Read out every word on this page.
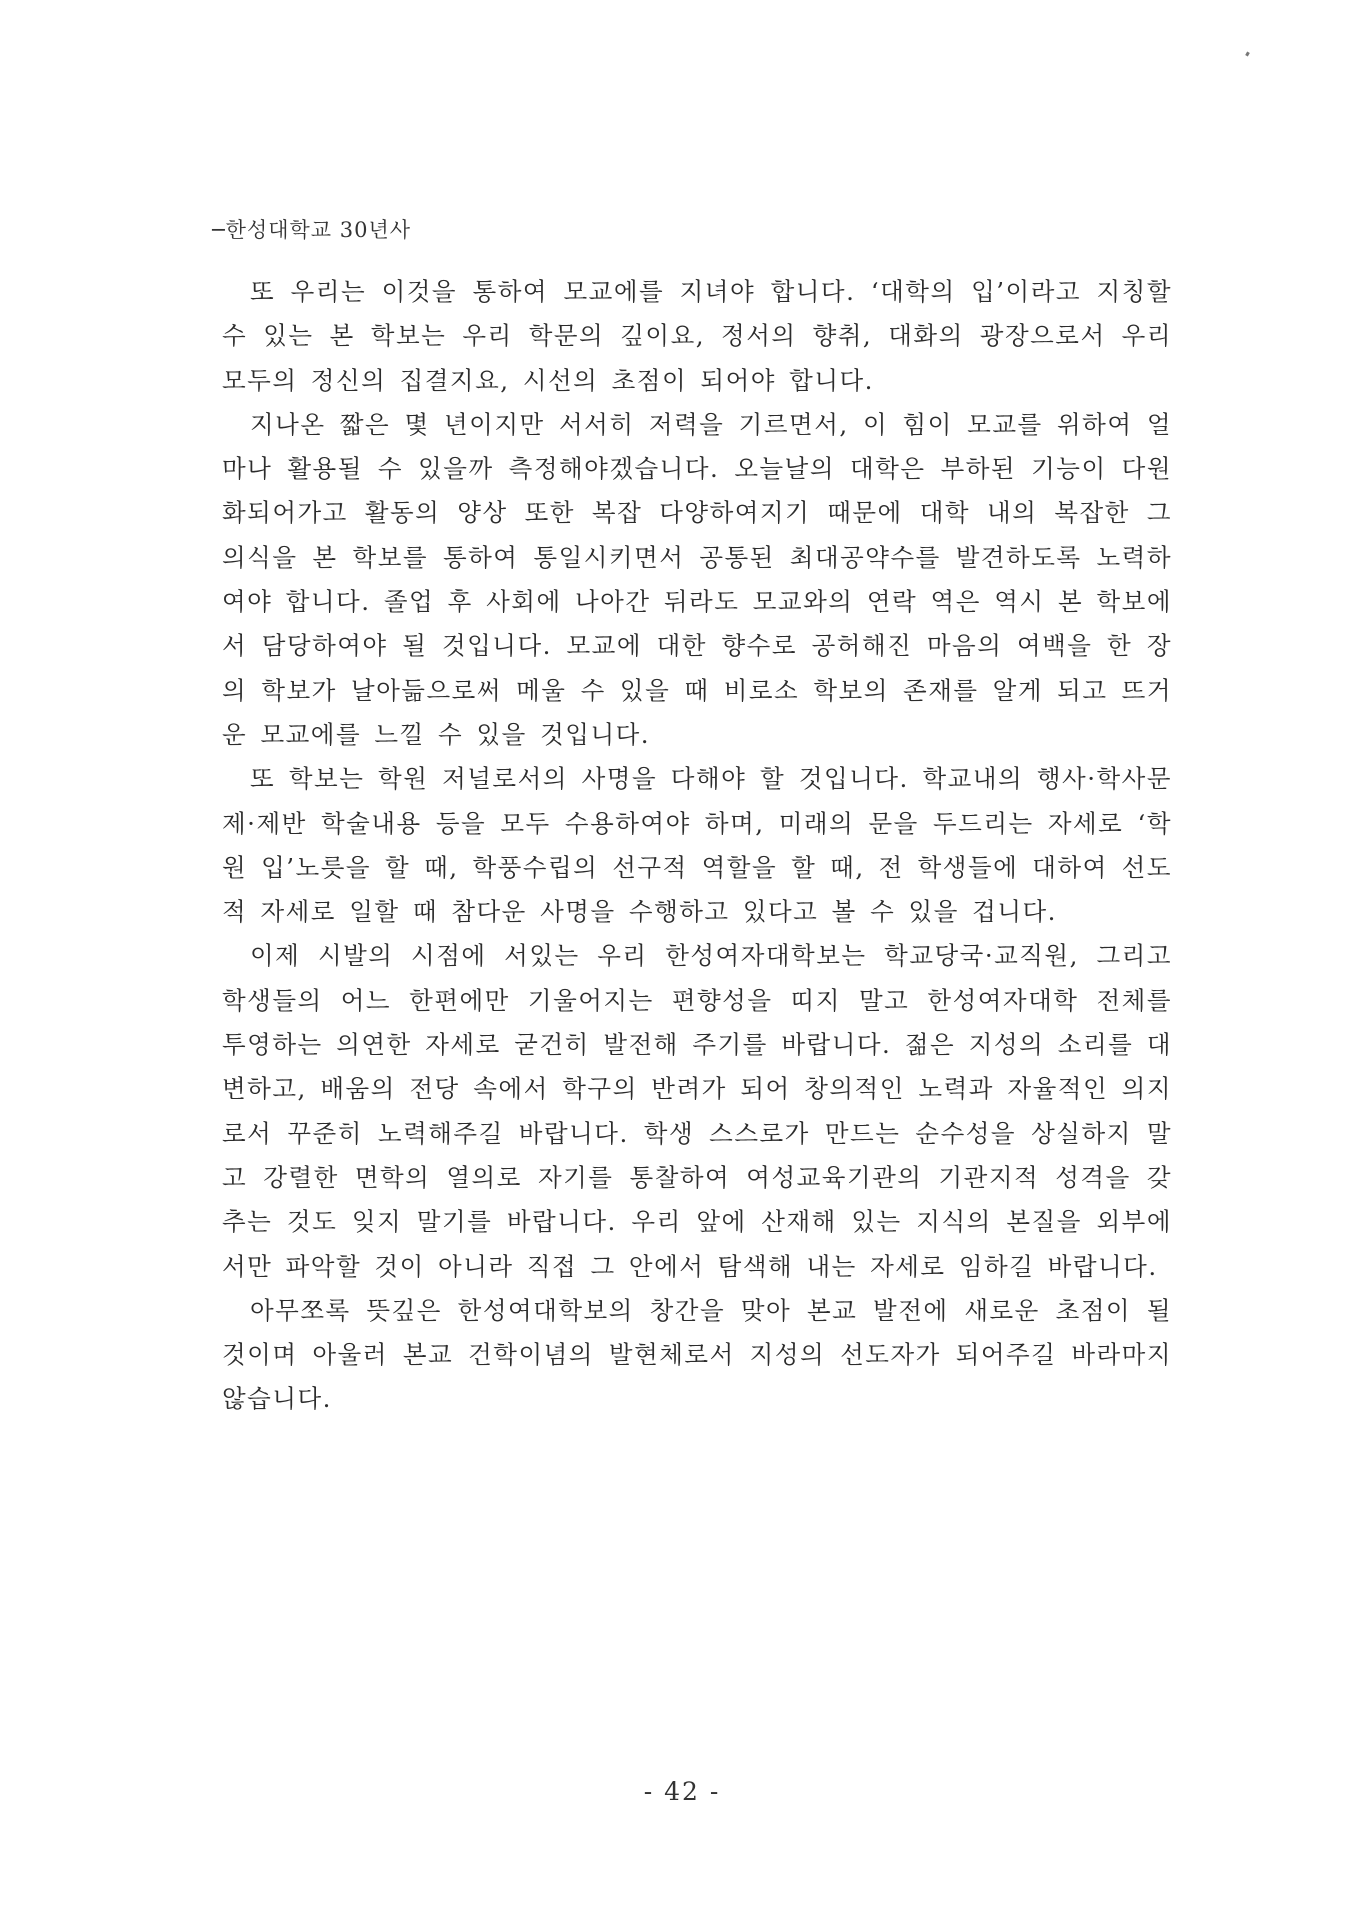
─한성대학교 30년사

또 우리는 이것을 통하여 모교에를 지녀야 합니다. ‘대학의 입’이라고 지칭할 수 있는 본 학보는 우리 학문의 깊이요, 정서의 향취, 대화의 광장으로서 우리 모두의 정신의 집결지요, 시선의 초점이 되어야 합니다.

지나온 짧은 몇 년이지만 서서히 저력을 기르면서, 이 힘이 모교를 위하여 얼마나 활용될 수 있을까 측정해야겠습니다. 오늘날의 대학은 부하된 기능이 다원화되어가고 활동의 양상 또한 복잡 다양하여지기 때문에 대학 내의 복잡한 그 의식을 본 학보를 통하여 통일시키면서 공통된 최대공약수를 발견하도록 노력하여야 합니다. 졸업 후 사회에 나아간 뒤라도 모교와의 연락 역은 역시 본 학보에서 담당하여야 될 것입니다. 모교에 대한 향수로 공허해진 마음의 여백을 한 장의 학보가 날아듦으로써 메울 수 있을 때 비로소 학보의 존재를 알게 되고 뜨거운 모교에를 느낄 수 있을 것입니다.

또 학보는 학원 저널로서의 사명을 다해야 할 것입니다. 학교내의 행사·학사문제·제반 학술내용 등을 모두 수용하여야 하며, 미래의 문을 두드리는 자세로 ‘학원 입’노릇을 할 때, 학풍수립의 선구적 역할을 할 때, 전 학생들에 대하여 선도적 자세로 일할 때 참다운 사명을 수행하고 있다고 볼 수 있을 겁니다.

이제 시발의 시점에 서있는 우리 한성여자대학보는 학교당국·교직원, 그리고 학생들의 어느 한편에만 기울어지는 편향성을 띠지 말고 한성여자대학 전체를 투영하는 의연한 자세로 굳건히 발전해 주기를 바랍니다. 젊은 지성의 소리를 대변하고, 배움의 전당 속에서 학구의 반려가 되어 창의적인 노력과 자율적인 의지로서 꾸준히 노력해주길 바랍니다. 학생 스스로가 만드는 순수성을 상실하지 말고 강렬한 면학의 열의로 자기를 통찰하여 여성교육기관의 기관지적 성격을 갖추는 것도 잊지 말기를 바랍니다. 우리 앞에 산재해 있는 지식의 본질을 외부에서만 파악할 것이 아니라 직접 그 안에서 탐색해 내는 자세로 임하길 바랍니다.

아무쪼록 뜻깊은 한성여대학보의 창간을 맞아 본교 발전에 새로운 초점이 될 것이며 아울러 본교 건학이념의 발현체로서 지성의 선도자가 되어주길 바라마지 않습니다.

- 42 -
